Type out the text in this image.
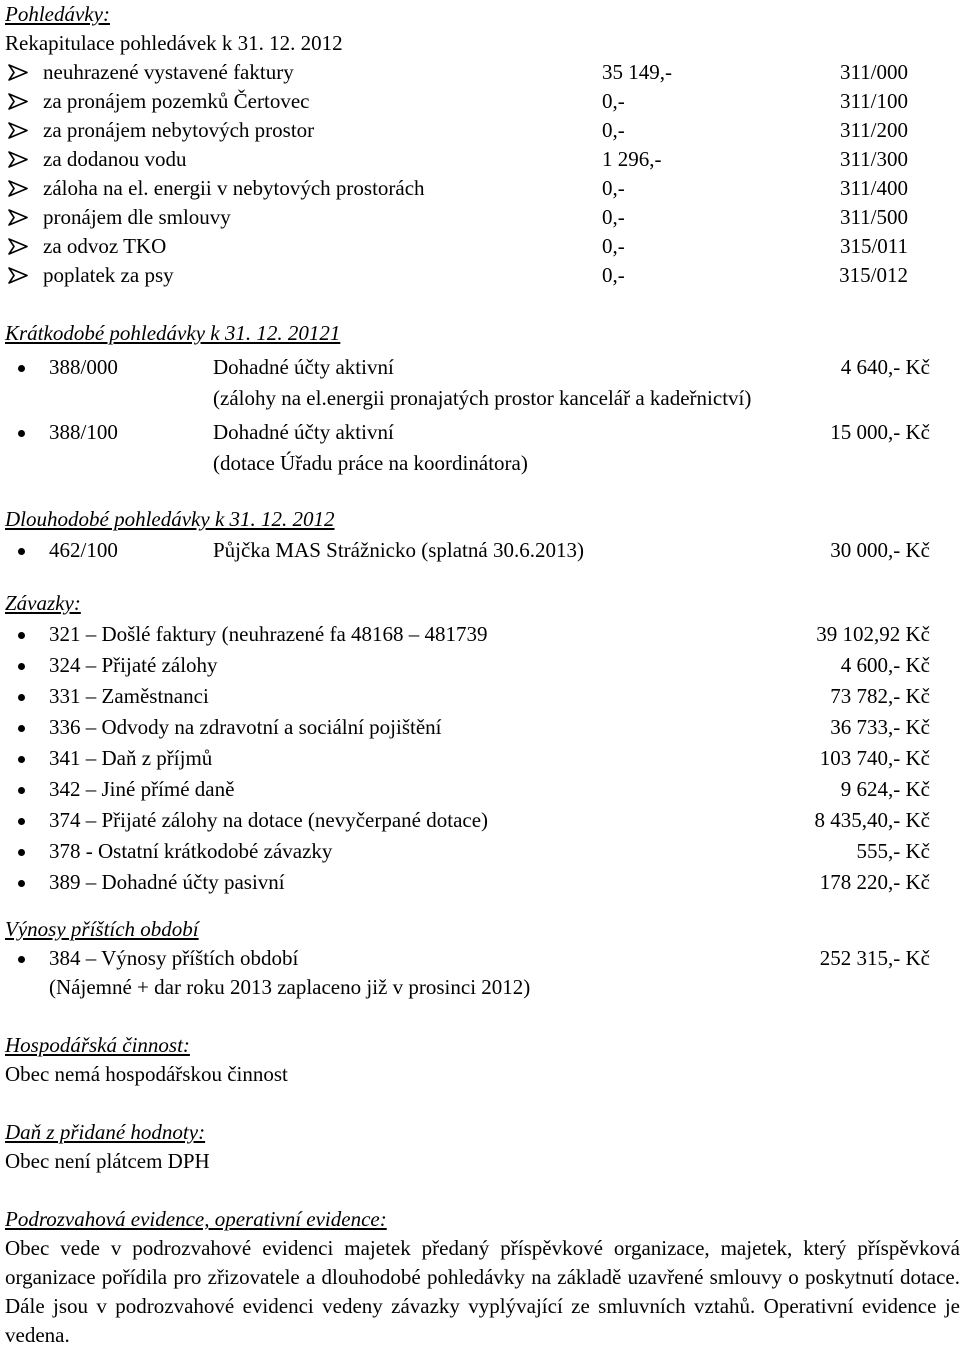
Pohledávky:
Rekapitulace pohledávek k 31. 12. 2012
neuhrazené vystavené faktury	35 149,-	311/000
za pronájem pozemků Čertovec	0,-	311/100
za pronájem nebytových prostor	0,-	311/200
za dodanou vodu	1 296,-	311/300
záloha na el. energii v nebytových prostorách	0,-	311/400
pronájem dle smlouvy	0,-	311/500
za odvoz TKO	0,-	315/011
poplatek za psy	0,-	315/012
Krátkodobé pohledávky k 31. 12. 20121
388/000	Dohadné účty aktivní	4 640,- Kč
(zálohy na el.energii pronajatých prostor kancelář a kadeřnictví)
388/100	Dohadné účty aktivní	15 000,- Kč
(dotace Úřadu práce na koordinátora)
Dlouhodobé pohledávky k 31. 12. 2012
462/100	Půjčka MAS Strážnicko (splatná 30.6.2013)	30 000,- Kč
Závazky:
321 – Došlé faktury (neuhrazené fa 48168 – 481739	39 102,92 Kč
324 – Přijaté zálohy	4 600,- Kč
331 – Zaměstnanci	73 782,- Kč
336 – Odvody na zdravotní a sociální pojištění	36 733,- Kč
341 – Daň z příjmů	103 740,- Kč
342 – Jiné přímé daně	9 624,- Kč
374 – Přijaté zálohy na dotace (nevyčerpané dotace)	8 435,40,- Kč
378 - Ostatní krátkodobé závazky	555,- Kč
389 – Dohadné účty pasivní	178 220,- Kč
Výnosy příštích období
384 – Výnosy příštích období	252 315,- Kč
(Nájemné + dar roku 2013 zaplaceno již v prosinci 2012)
Hospodářská činnost:
Obec nemá hospodářskou činnost
Daň z přidané hodnoty:
Obec není plátcem DPH
Podrozvahová evidence, operativní evidence:
Obec vede v podrozvahové evidenci majetek předaný příspěvkové organizace, majetek, který příspěvková organizace pořídila pro zřizovatele a dlouhodobé pohledávky na základě uzavřené smlouvy o poskytnutí dotace. Dále jsou v podrozvahové evidenci vedeny závazky vyplývající ze smluvních vztahů. Operativní evidence je vedena.
